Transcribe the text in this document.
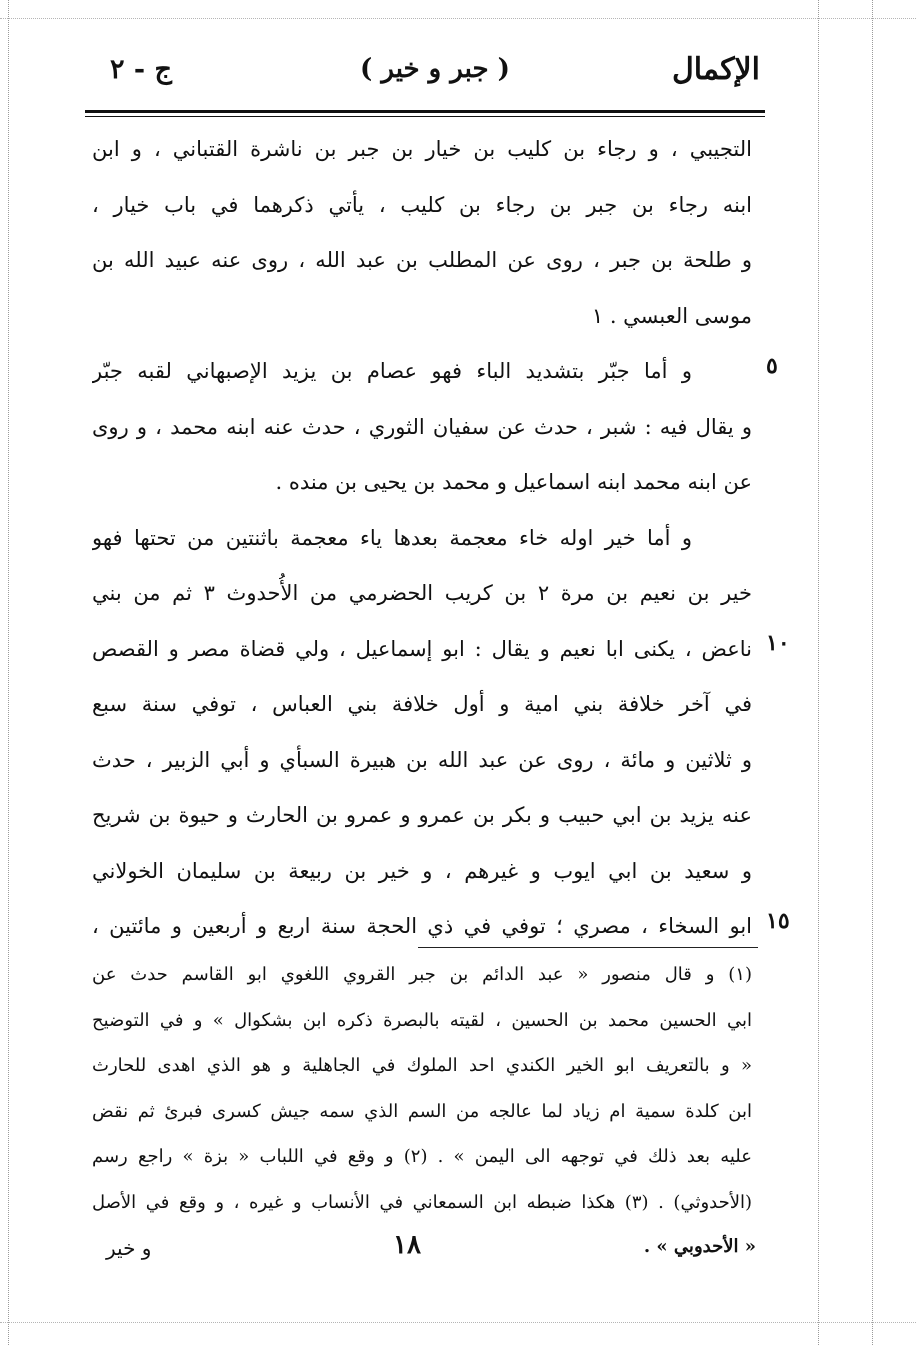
الإكمال
( جبر و خير )
ج - ٢
التجيبي ، و رجاء بن كليب بن خيار بن جبر بن ناشرة القتباني ، و ابن
ابنه رجاء بن جبر بن رجاء بن كليب ، يأتي ذكرهما في باب خيار ،
و طلحة بن جبر ، روى عن المطلب بن عبد الله ، روى عنه عبيد الله بن
موسى العبسي . ١
و أما جبّر بتشديد الباء فهو عصام بن يزيد الإصبهاني لقبه جبّر
و يقال فيه : شبر ، حدث عن سفيان الثوري ، حدث عنه ابنه محمد ، و روى
عن ابنه محمد ابنه اسماعيل و محمد بن يحيى بن منده .
و أما خير اوله خاء معجمة بعدها ياء معجمة باثنتين من تحتها فهو
خير بن نعيم بن مرة ٢ بن كريب الحضرمي من الأُحدوث ٣ ثم من بني
ناعض ، يكنى ابا نعيم و يقال : ابو إسماعيل ، ولي قضاة مصر و القصص
في آخر خلافة بني امية و أول خلافة بني العباس ، توفي سنة سبع
و ثلاثين و مائة ، روى عن عبد الله بن هبيرة السبأي و أبي الزبير ، حدث
عنه يزيد بن ابي حبيب و بكر بن عمرو و عمرو بن الحارث و حيوة بن شريح
و سعيد بن ابي ايوب و غيرهم ، و خير بن ربيعة بن سليمان الخولاني
ابو السخاء ، مصري ؛ توفي في ذي الحجة سنة اربع و أربعين و مائتين ،
٥
١٠
١٥
(١) و قال منصور « عبد الدائم بن جبر القروي اللغوي ابو القاسم حدث عن
ابي الحسين محمد بن الحسين ، لقيته بالبصرة ذكره ابن بشكوال » و في التوضيح
« و بالتعريف ابو الخير الكندي احد الملوك في الجاهلية و هو الذي اهدى للحارث
ابن كلدة سمية ام زياد لما عالجه من السم الذي سمه جيش كسرى فبرئ ثم نقض
عليه بعد ذلك في توجهه الى اليمن » . (٢) و وقع في اللباب « بزة » راجع رسم
(الأحدوثي) . (٣) هكذا ضبطه ابن السمعاني في الأنساب و غيره ، و وقع في الأصل
« الأحدوبي » .
١٨
و خير
